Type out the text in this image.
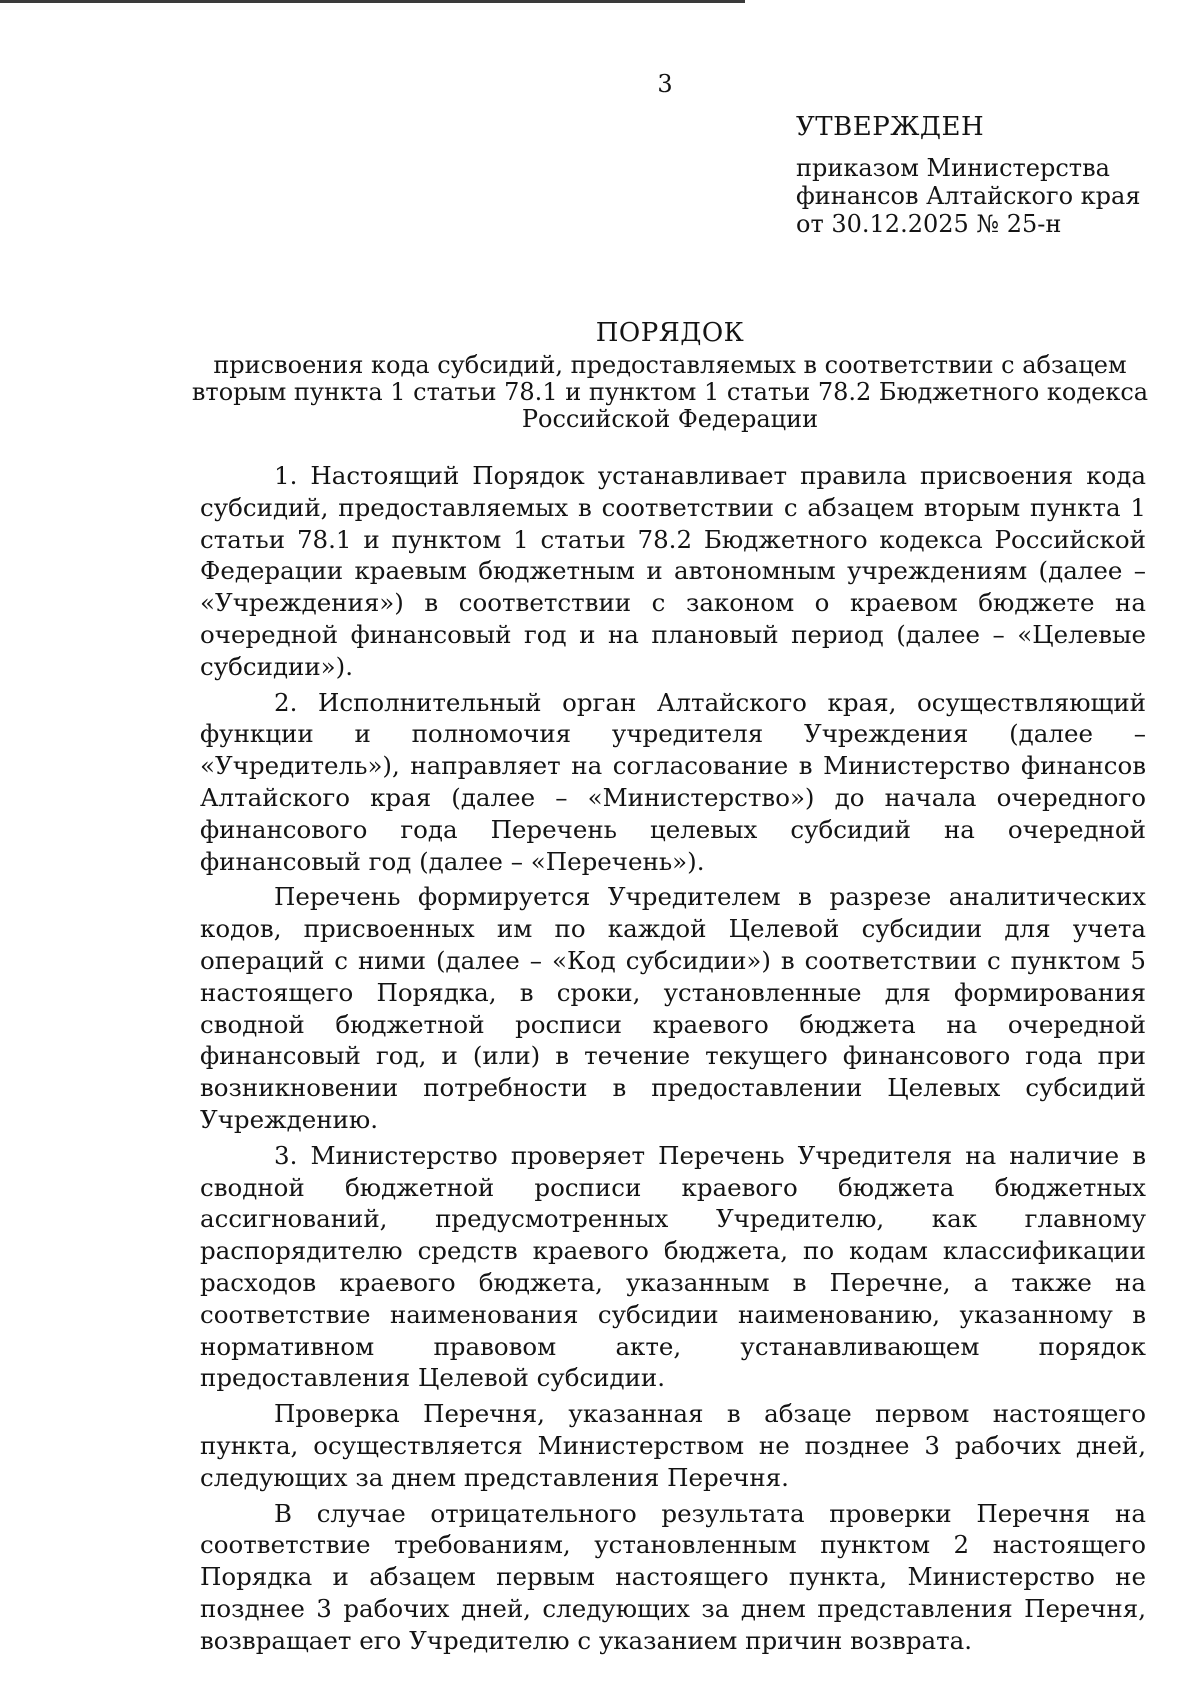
3
УТВЕРЖДЕН
приказом Министерства
финансов Алтайского края
от 30.12.2025 № 25-н
ПОРЯДОК
присвоения кода субсидий, предоставляемых в соответствии с абзацем
вторым пункта 1 статьи 78.1 и пунктом 1 статьи 78.2 Бюджетного кодекса
Российской Федерации

1. Настоящий Порядок устанавливает правила присвоения кода субсидий, предоставляемых в соответствии с абзацем вторым пункта 1 статьи 78.1 и пунктом 1 статьи 78.2 Бюджетного кодекса Российской Федерации краевым бюджетным и автономным учреждениям (далее – «Учреждения») в соответствии с законом о краевом бюджете на очередной финансовый год и на плановый период (далее – «Целевые субсидии»).

2. Исполнительный орган Алтайского края, осуществляющий функции и полномочия учредителя Учреждения (далее – «Учредитель»), направляет на согласование в Министерство финансов Алтайского края (далее – «Министерство») до начала очередного финансового года Перечень целевых субсидий на очередной финансовый год (далее – «Перечень»).

Перечень формируется Учредителем в разрезе аналитических кодов, присвоенных им по каждой Целевой субсидии для учета операций с ними (далее – «Код субсидии») в соответствии с пунктом 5 настоящего Порядка, в сроки, установленные для формирования сводной бюджетной росписи краевого бюджета на очередной финансовый год, и (или) в течение текущего финансового года при возникновении потребности в предоставлении Целевых субсидий Учреждению.

3. Министерство проверяет Перечень Учредителя на наличие в сводной бюджетной росписи краевого бюджета бюджетных ассигнований, предусмотренных Учредителю, как главному распорядителю средств краевого бюджета, по кодам классификации расходов краевого бюджета, указанным в Перечне, а также на соответствие наименования субсидии наименованию, указанному в нормативном правовом акте, устанавливающем порядок предоставления Целевой субсидии.

Проверка Перечня, указанная в абзаце первом настоящего пункта, осуществляется Министерством не позднее 3 рабочих дней, следующих за днем представления Перечня.

В случае отрицательного результата проверки Перечня на соответствие требованиям, установленным пунктом 2 настоящего Порядка и абзацем первым настоящего пункта, Министерство не позднее 3 рабочих дней, следующих за днем представления Перечня, возвращает его Учредителю с указанием причин возврата.
